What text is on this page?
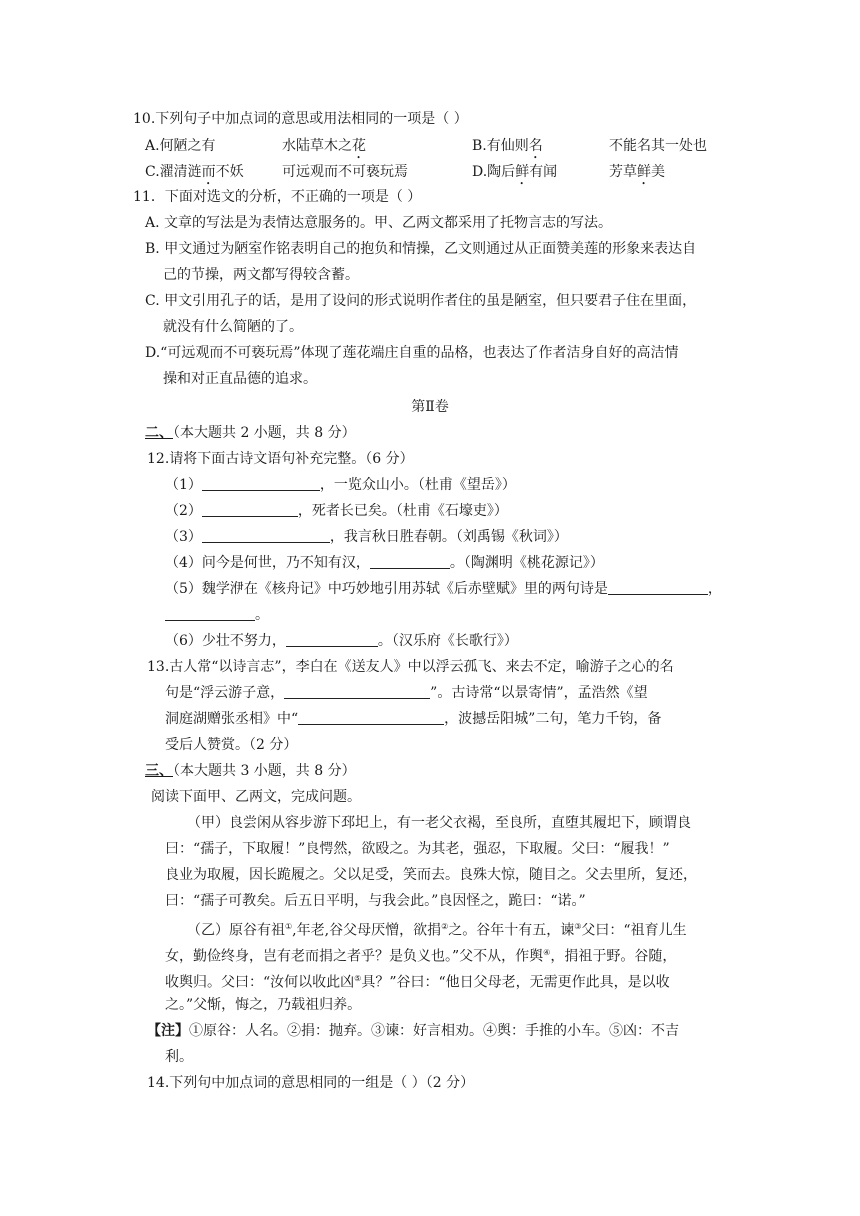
10.下列句子中加点词的意思或用法相同的一项是（ ）
A.何陋之有	水陆草木之花	B.有仙则名	不能名其一处也
C.濯清涟而不妖	可远观而不可亵玩焉	D.陶后鲜有闻	芳草鲜美
11．下面对选文的分析，不正确的一项是（ ）
A. 文章的写法是为表情达意服务的。甲、乙两文都采用了托物言志的写法。
B. 甲文通过为陋室作铭表明自己的抱负和情操，乙文则通过从正面赞美莲的形象来表达自
己的节操，两文都写得较含蓄。
C. 甲文引用孔子的话，是用了设问的形式说明作者住的虽是陋室，但只要君子住在里面，
就没有什么简陋的了。
D.“可远观而不可亵玩焉”体现了莲花端庄自重的品格，也表达了作者洁身自好的高洁情
操和对正直品德的追求。
第Ⅱ卷
二、（本大题共 2 小题，共 8 分）
12.请将下面古诗文语句补充完整。（6 分）
（1）	，一览众山小。（杜甫《望岳》）
（2）	，死者长已矣。（杜甫《石壕吏》）
（3）	，我言秋日胜春朝。（刘禹锡《秋词》）
（4）问今是何世，乃不知有汉，	。（陶渊明《桃花源记》）
（5）魏学洢在《核舟记》中巧妙地引用苏轼《后赤壁赋》里的两句诗是	，
。
（6）少壮不努力，	。（汉乐府《长歌行》）
13.古人常“以诗言志”，李白在《送友人》中以浮云孤飞、来去不定，喻游子之心的名
句是“浮云游子意，	”。古诗常“以景寄情”，孟浩然《望
洞庭湖赠张丞相》中“	，波撼岳阳城”二句，笔力千钧，备
受后人赞赏。（2 分）
三、（本大题共 3 小题，共 8 分）
阅读下面甲、乙两文，完成问题。
（甲）良尝闲从容步游下邳圯上，有一老父衣褐，至良所，直堕其履圯下，顾谓良
曰：“孺子，下取履！”良愕然，欲殴之。为其老，强忍，下取履。父曰：“履我！”
良业为取履，因长跪履之。父以足受，笑而去。良殊大惊，随目之。父去里所，复还，
曰：“孺子可教矣。后五日平明，与我会此。”良因怪之，跪曰：“诺。”
（乙）原谷有祖①,年老,谷父母厌憎，欲捐②之。谷年十有五，谏③父曰：“祖育儿生
女，勤俭终身，岂有老而捐之者乎？是负义也。”父不从，作舆④，捐祖于野。谷随，
收舆归。父曰：“汝何以收此凶⑤具？”谷曰：“他日父母老，无需更作此具，是以收
之。”父惭，悔之，乃载祖归养。
【注】①原谷：人名。②捐：抛弃。③谏：好言相劝。④舆：手推的小车。⑤凶：不吉
利。
14.下列句中加点词的意思相同的一组是（ ）（2 分）
